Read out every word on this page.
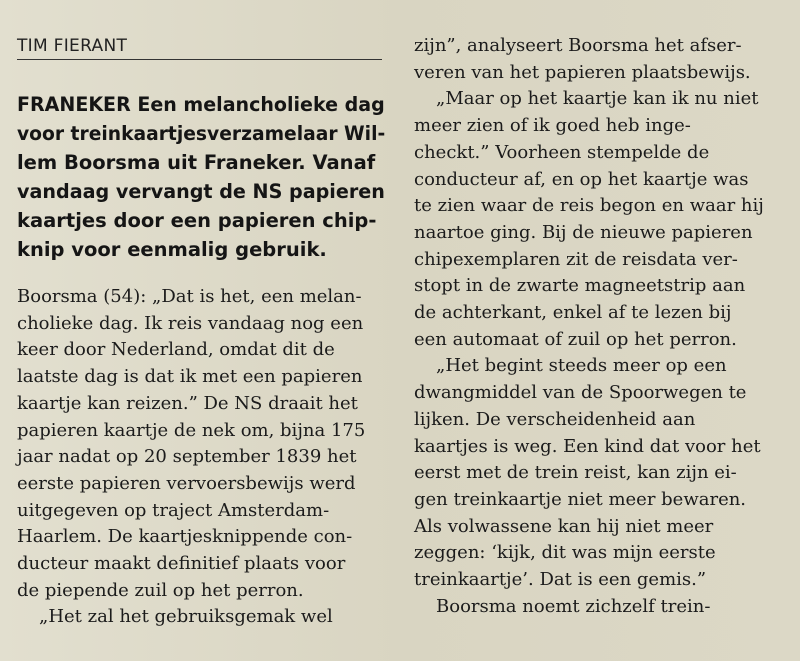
TIM FIERANT
FRANEKER Een melancholieke dag
voor treinkaartjesverzamelaar Wil-
lem Boorsma uit Franeker. Vanaf
vandaag vervangt de NS papieren
kaartjes door een papieren chip-
knip voor eenmalig gebruik.
Boorsma (54): „Dat is het, een melan-
cholieke dag. Ik reis vandaag nog een
keer door Nederland, omdat dit de
laatste dag is dat ik met een papieren
kaartje kan reizen.” De NS draait het
papieren kaartje de nek om, bijna 175
jaar nadat op 20 september 1839 het
eerste papieren vervoersbewijs werd
uitgegeven op traject Amsterdam-
Haarlem. De kaartjesknippende con-
ducteur maakt definitief plaats voor
de piepende zuil op het perron.
„Het zal het gebruiksgemak wel
zijn”, analyseert Boorsma het afser-
veren van het papieren plaatsbewijs.
„Maar op het kaartje kan ik nu niet
meer zien of ik goed heb inge-
checkt.” Voorheen stempelde de
conducteur af, en op het kaartje was
te zien waar de reis begon en waar hij
naartoe ging. Bij de nieuwe papieren
chipexemplaren zit de reisdata ver-
stopt in de zwarte magneetstrip aan
de achterkant, enkel af te lezen bij
een automaat of zuil op het perron.
„Het begint steeds meer op een
dwangmiddel van de Spoorwegen te
lijken. De verscheidenheid aan
kaartjes is weg. Een kind dat voor het
eerst met de trein reist, kan zijn ei-
gen treinkaartje niet meer bewaren.
Als volwassene kan hij niet meer
zeggen: ‘kijk, dit was mijn eerste
treinkaartje’. Dat is een gemis.”
Boorsma noemt zichzelf trein-
